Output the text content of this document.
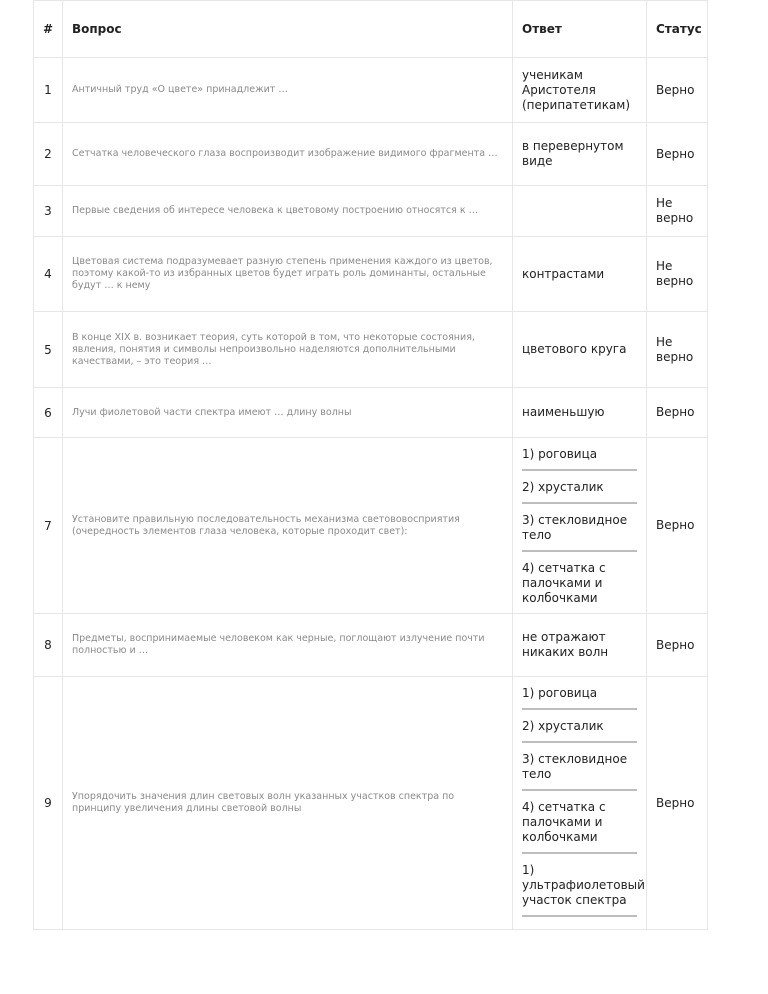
#	Вопрос	Ответ	Статус
1	Античный труд «О цвете» принадлежит …	ученикам Аристотеля (перипатетикам)	Верно
2	Сетчатка человеческого глаза воспроизводит изображение видимого фрагмента …	в перевернутом виде	Верно
3	Первые сведения об интересе человека к цветовому построению относятся к …		Не верно
4	Цветовая система подразумевает разную степень применения каждого из цветов, поэтому какой-то из избранных цветов будет играть роль доминанты, остальные будут … к нему	контрастами	Не верно
5	В конце XIX в. возникает теория, суть которой в том, что некоторые состояния, явления, понятия и символы непроизвольно наделяются дополнительными качествами, – это теория …	цветового круга	Не верно
6	Лучи фиолетовой части спектра имеют … длину волны	наименьшую	Верно
7	Установите правильную последовательность механизма светововосприятия (очередность элементов глаза человека, которые проходит свет):	1) роговица
2) хрусталик
3) стекловидное тело
4) сетчатка с палочками и колбочками	Верно
8	Предметы, воспринимаемые человеком как черные, поглощают излучение почти полностью и …	не отражают никаких волн	Верно
9	Упорядочить значения длин световых волн указанных участков спектра по принципу увеличения длины световой волны	1) роговица
2) хрусталик
3) стекловидное тело
4) сетчатка с палочками и колбочками
1) ультрафиолетовый участок спектра	Верно
